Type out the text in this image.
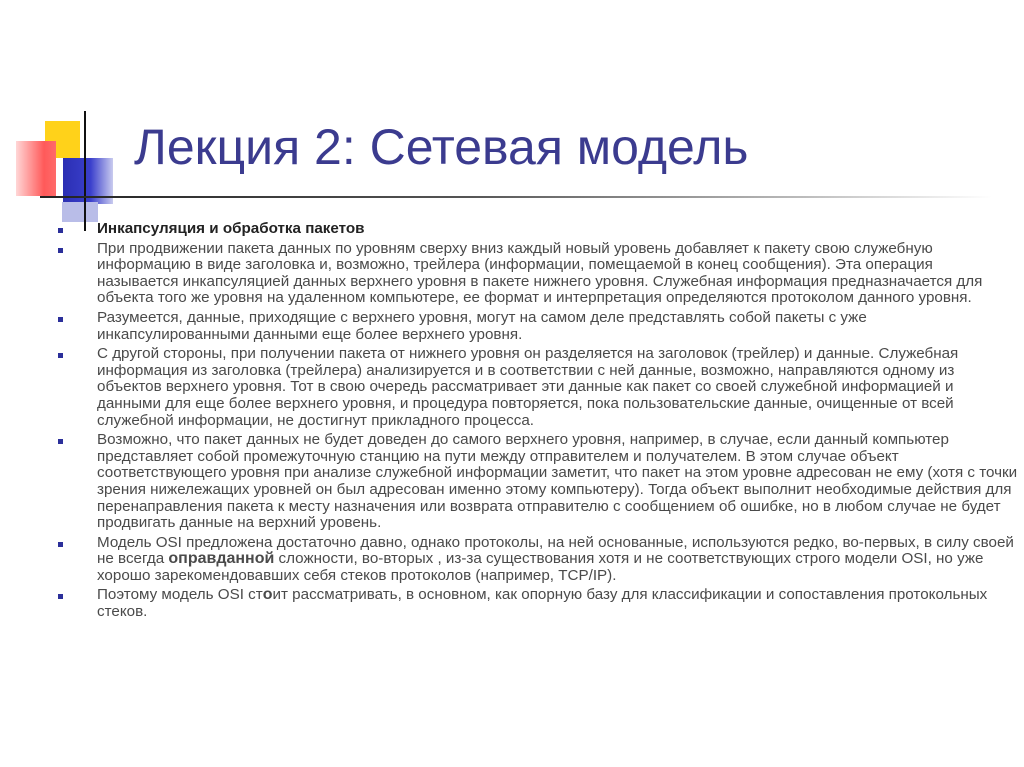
Лекция 2: Сетевая модель
Инкапсуляция и обработка пакетов
При продвижении пакета данных по уровням сверху вниз каждый новый уровень добавляет к пакету свою служебную информацию в виде заголовка и, возможно, трейлера (информации, помещаемой в конец сообщения). Эта операция называется инкапсуляцией данных верхнего уровня в пакете нижнего уровня. Служебная информация предназначается для объекта того же уровня на удаленном компьютере, ее формат и интерпретация определяются протоколом данного уровня.
Разумеется, данные, приходящие с верхнего уровня, могут на самом деле представлять собой пакеты с уже инкапсулированными данными еще более верхнего уровня.
С другой стороны, при получении пакета от нижнего уровня он разделяется на заголовок (трейлер) и данные. Служебная информация из заголовка (трейлера) анализируется и в соответствии с ней данные, возможно, направляются одному из объектов верхнего уровня. Тот в свою очередь рассматривает эти данные как пакет со своей служебной информацией и данными для еще более верхнего уровня, и процедура повторяется, пока пользовательские данные, очищенные от всей служебной информации, не достигнут прикладного процесса.
Возможно, что пакет данных не будет доведен до самого верхнего уровня, например, в случае, если данный компьютер представляет собой промежуточную станцию на пути между отправителем и получателем. В этом случае объект соответствующего уровня при анализе служебной информации заметит, что пакет на этом уровне адресован не ему (хотя с точки зрения нижележащих уровней он был адресован именно этому компьютеру). Тогда объект выполнит необходимые действия для перенаправления пакета к месту назначения или возврата отправителю с сообщением об ошибке, но в любом случае не будет продвигать данные на верхний уровень.
Модель OSI предложена достаточно давно, однако протоколы, на ней основанные, используются редко, во-первых, в силу своей не всегда оправданной сложности, во-вторых , из-за существования хотя и не соответствующих строго модели OSI, но уже хорошо зарекомендовавших себя стеков протоколов (например, TCP/IP).
Поэтому модель OSI стоит рассматривать, в основном, как опорную базу для классификации и сопоставления протокольных стеков.
